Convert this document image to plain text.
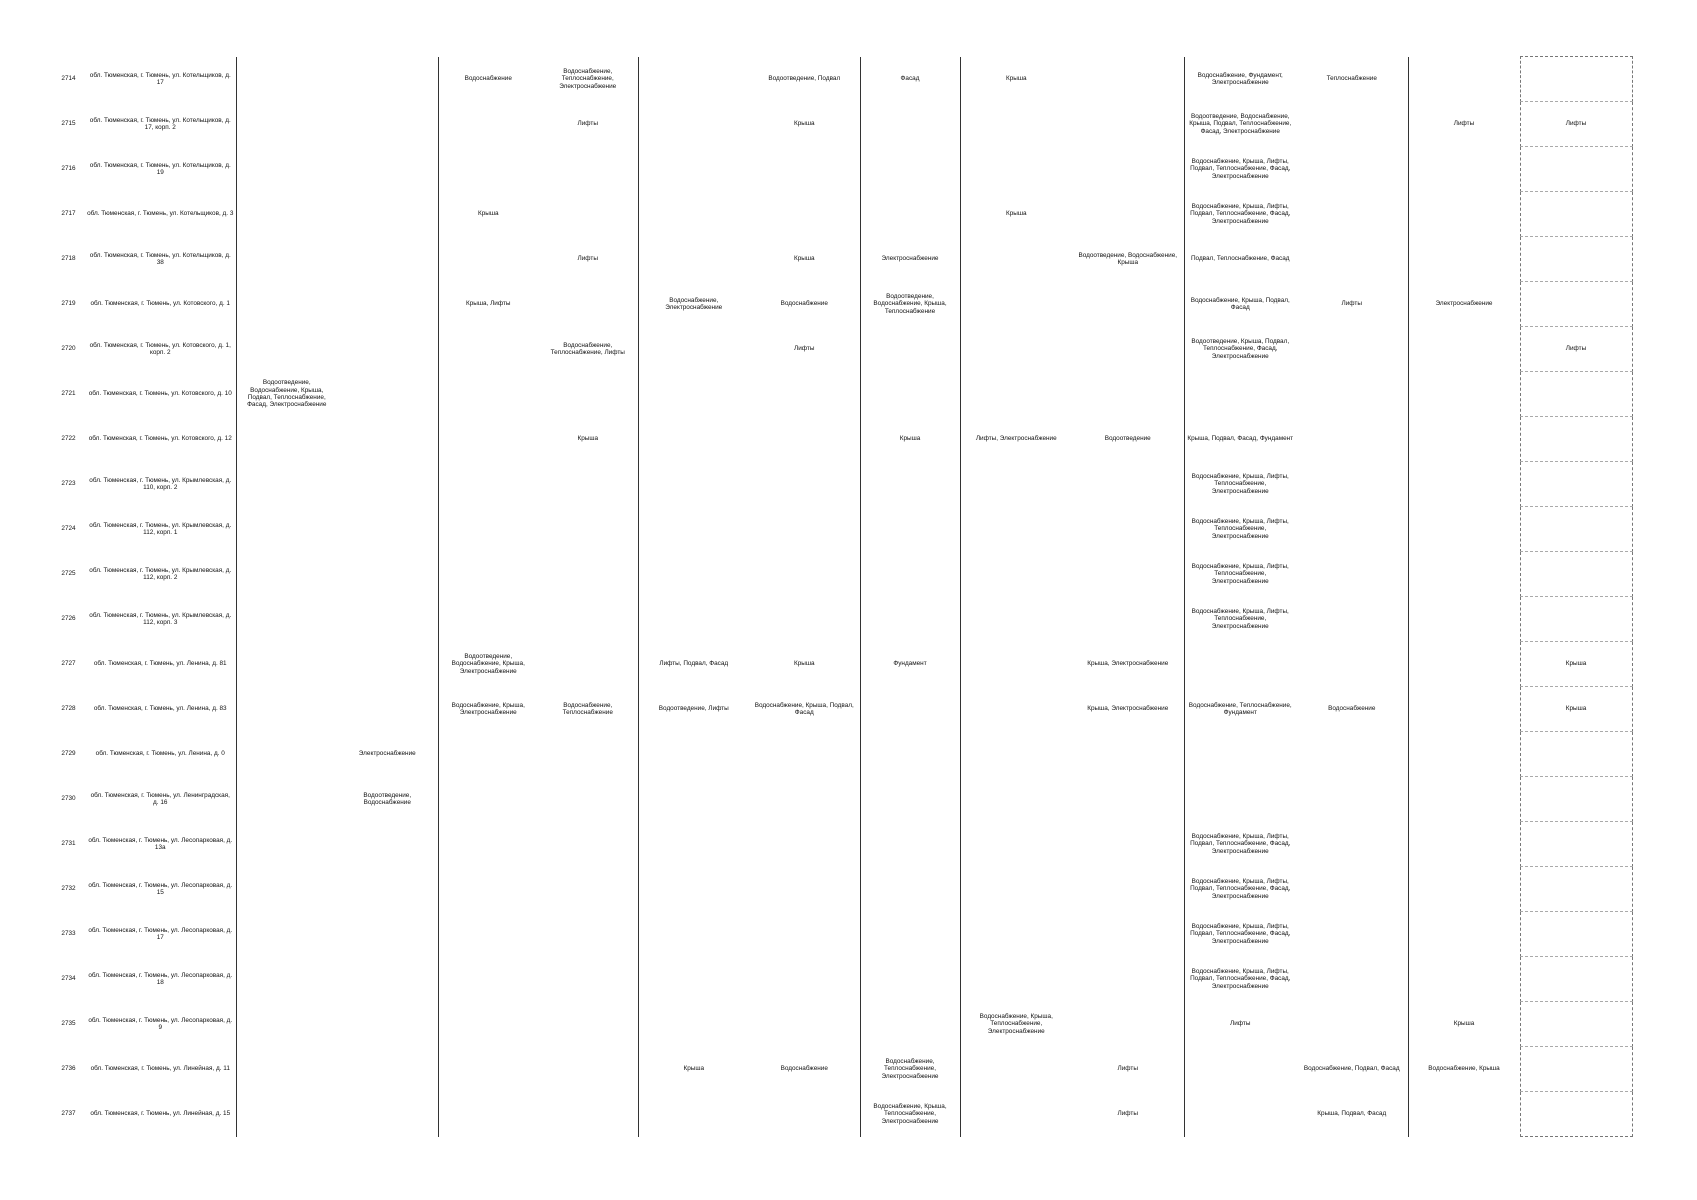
2714	обл. Тюменская, г. Тюмень, ул. Котельщиков, д. 17			Водоснабжение	Водоснабжение, Теплоснабжение, Электроснабжение		Водоотведение, Подвал	Фасад	Крыша		Водоснабжение, Фундамент, Электроснабжение	Теплоснабжение		
2715	обл. Тюменская, г. Тюмень, ул. Котельщиков, д. 17, корп. 2				Лифты		Крыша				Водоотведение, Водоснабжение, Крыша, Подвал, Теплоснабжение, Фасад, Электроснабжение		Лифты	Лифты
2716	обл. Тюменская, г. Тюмень, ул. Котельщиков, д. 19										Водоснабжение, Крыша, Лифты, Подвал, Теплоснабжение, Фасад, Электроснабжение			
2717	обл. Тюменская, г. Тюмень, ул. Котельщиков, д. 3			Крыша					Крыша		Водоснабжение, Крыша, Лифты, Подвал, Теплоснабжение, Фасад, Электроснабжение			
2718	обл. Тюменская, г. Тюмень, ул. Котельщиков, д. 38				Лифты		Крыша	Электроснабжение		Водоотведение, Водоснабжение, Крыша	Подвал, Теплоснабжение, Фасад			
2719	обл. Тюменская, г. Тюмень, ул. Котовского, д. 1			Крыша, Лифты		Водоснабжение, Электроснабжение	Водоснабжение	Водоотведение, Водоснабжение, Крыша, Теплоснабжение			Водоснабжение, Крыша, Подвал, Фасад	Лифты	Электроснабжение	
2720	обл. Тюменская, г. Тюмень, ул. Котовского, д. 1, корп. 2				Водоснабжение, Теплоснабжение, Лифты		Лифты				Водоотведение, Крыша, Подвал, Теплоснабжение, Фасад, Электроснабжение			Лифты
2721	обл. Тюменская, г. Тюмень, ул. Котовского, д. 10	Водоотведение, Водоснабжение, Крыша, Подвал, Теплоснабжение, Фасад, Электроснабжение												
2722	обл. Тюменская, г. Тюмень, ул. Котовского, д. 12				Крыша			Крыша	Лифты, Электроснабжение	Водоотведение	Крыша, Подвал, Фасад, Фундамент			
2723	обл. Тюменская, г. Тюмень, ул. Крымлевская, д. 110, корп. 2										Водоснабжение, Крыша, Лифты, Теплоснабжение, Электроснабжение			
2724	обл. Тюменская, г. Тюмень, ул. Крымлевская, д. 112, корп. 1										Водоснабжение, Крыша, Лифты, Теплоснабжение, Электроснабжение			
2725	обл. Тюменская, г. Тюмень, ул. Крымлевская, д. 112, корп. 2										Водоснабжение, Крыша, Лифты, Теплоснабжение, Электроснабжение			
2726	обл. Тюменская, г. Тюмень, ул. Крымлевская, д. 112, корп. 3										Водоснабжение, Крыша, Лифты, Теплоснабжение, Электроснабжение			
2727	обл. Тюменская, г. Тюмень, ул. Ленина, д. 81			Водоотведение, Водоснабжение, Крыша, Электроснабжение		Лифты, Подвал, Фасад	Крыша	Фундамент		Крыша, Электроснабжение				Крыша
2728	обл. Тюменская, г. Тюмень, ул. Ленина, д. 83			Водоснабжение, Крыша, Электроснабжение	Водоснабжение, Теплоснабжение	Водоотведение, Лифты	Водоснабжение, Крыша, Подвал, Фасад			Крыша, Электроснабжение	Водоснабжение, Теплоснабжение, Фундамент	Водоснабжение		Крыша
2729	обл. Тюменская, г. Тюмень, ул. Ленина, д. 0		Электроснабжение											
2730	обл. Тюменская, г. Тюмень, ул. Ленинградская, д. 16		Водоотведение, Водоснабжение											
2731	обл. Тюменская, г. Тюмень, ул. Лесопарковая, д. 13а										Водоснабжение, Крыша, Лифты, Подвал, Теплоснабжение, Фасад, Электроснабжение			
2732	обл. Тюменская, г. Тюмень, ул. Лесопарковая, д. 15										Водоснабжение, Крыша, Лифты, Подвал, Теплоснабжение, Фасад, Электроснабжение			
2733	обл. Тюменская, г. Тюмень, ул. Лесопарковая, д. 17										Водоснабжение, Крыша, Лифты, Подвал, Теплоснабжение, Фасад, Электроснабжение			
2734	обл. Тюменская, г. Тюмень, ул. Лесопарковая, д. 18										Водоснабжение, Крыша, Лифты, Подвал, Теплоснабжение, Фасад, Электроснабжение			
2735	обл. Тюменская, г. Тюмень, ул. Лесопарковая, д. 9								Водоснабжение, Крыша, Теплоснабжение, Электроснабжение		Лифты		Крыша	
2736	обл. Тюменская, г. Тюмень, ул. Линейная, д. 11					Крыша	Водоснабжение	Водоснабжение, Теплоснабжение, Электроснабжение		Лифты		Водоснабжение, Подвал, Фасад	Водоснабжение, Крыша	
2737	обл. Тюменская, г. Тюмень, ул. Линейная, д. 15							Водоснабжение, Крыша, Теплоснабжение, Электроснабжение		Лифты		Крыша, Подвал, Фасад		
